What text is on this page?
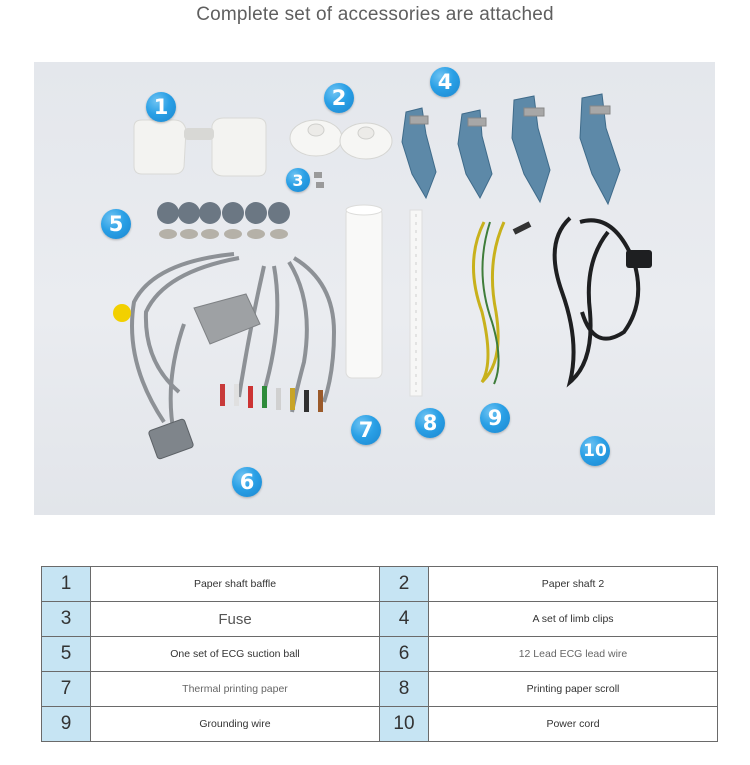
Complete set of accessories are attached
1	2
3
4
5
6
7	8	9
10
1	Paper shaft baffle	2	Paper shaft 2
3	Fuse	4	A set of limb clips
5	One set of ECG suction ball	6	12 Lead ECG lead wire
7	Thermal printing paper	8	Printing paper scroll
9	Grounding wire	10	Power cord
